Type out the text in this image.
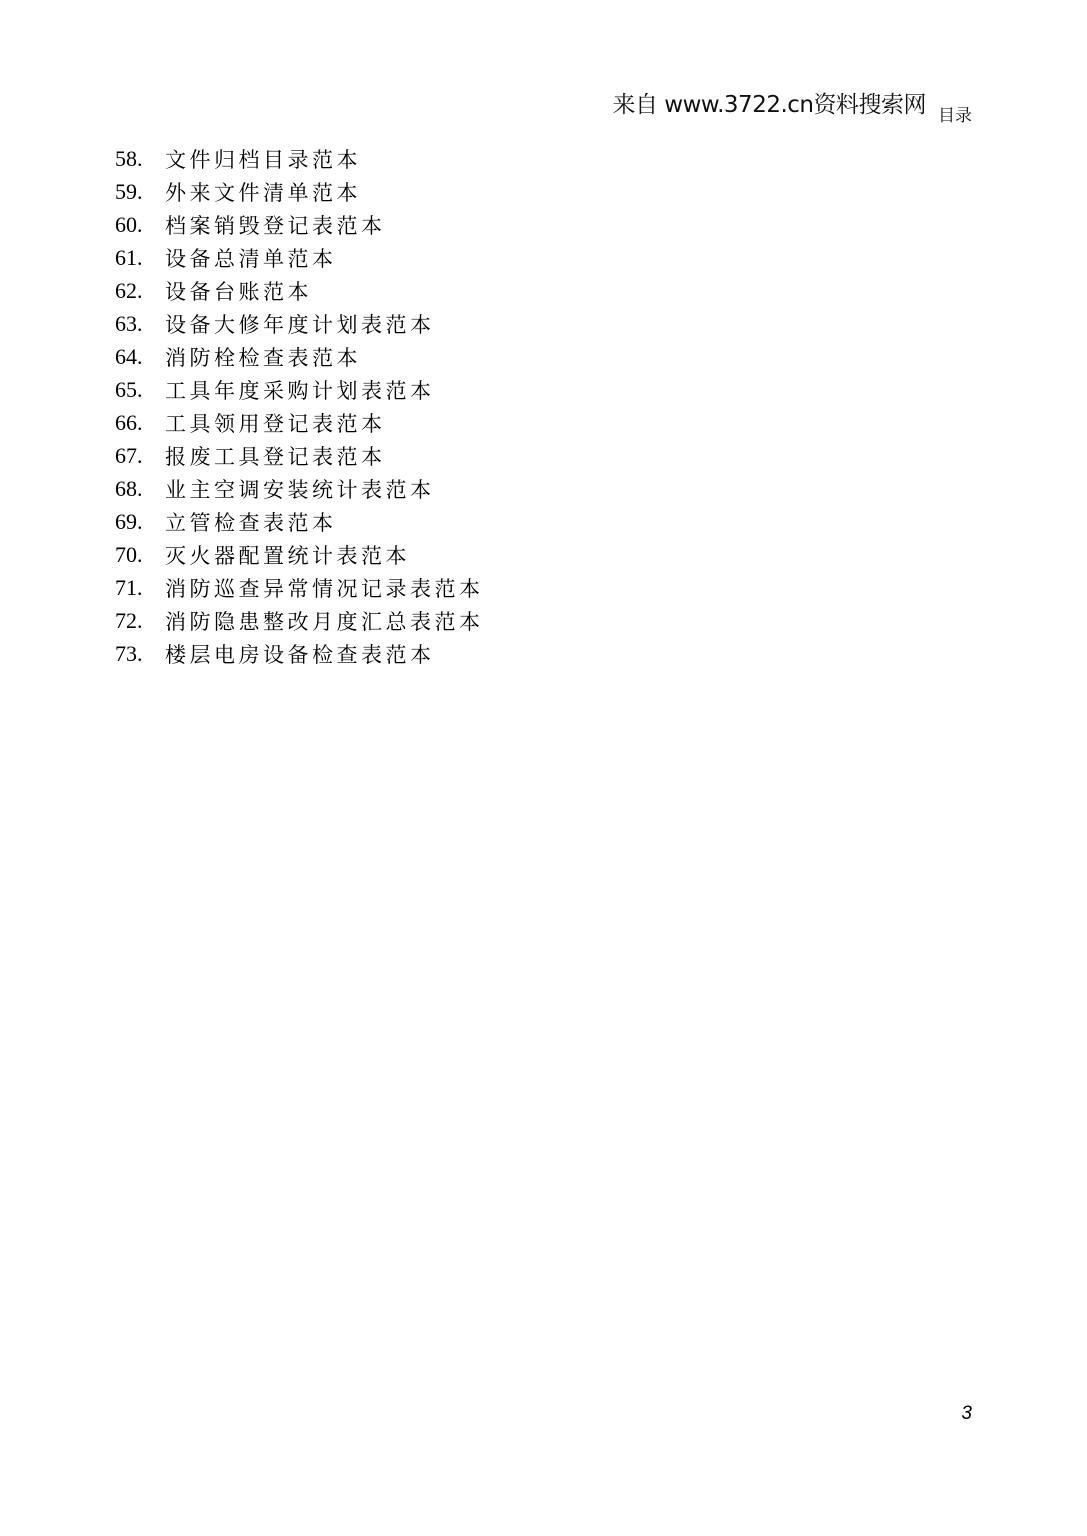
来自 www.3722.cn资料搜索网 目录
58.	文件归档目录范本
59.	外来文件清单范本
60.	档案销毁登记表范本
61.	设备总清单范本
62.	设备台账范本
63.	设备大修年度计划表范本
64.	消防栓检查表范本
65.	工具年度采购计划表范本
66.	工具领用登记表范本
67.	报废工具登记表范本
68.	业主空调安装统计表范本
69.	立管检查表范本
70.	灭火器配置统计表范本
71.	消防巡查异常情况记录表范本
72.	消防隐患整改月度汇总表范本
73.	楼层电房设备检查表范本
3
